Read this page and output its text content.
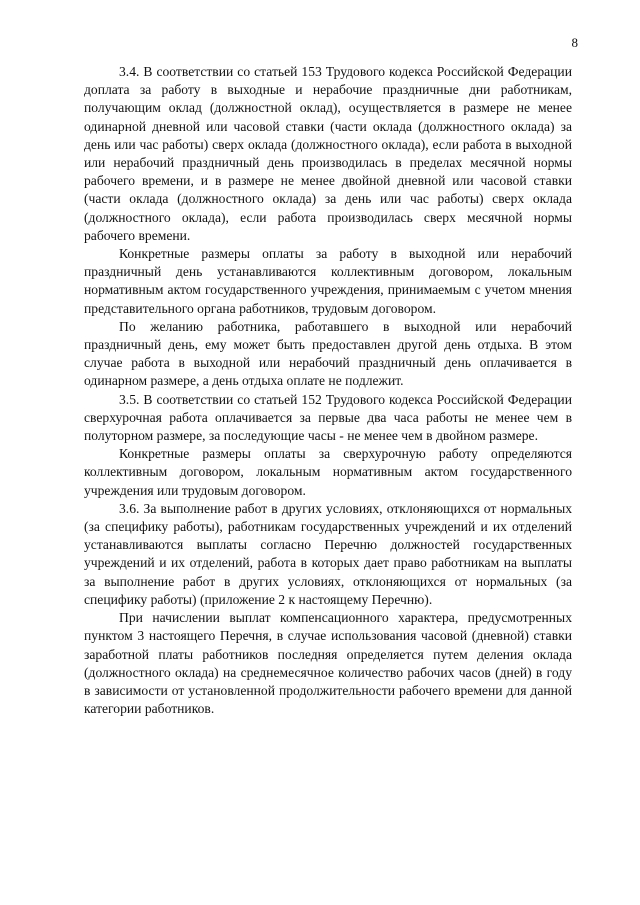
8

3.4. В соответствии со статьей 153 Трудового кодекса Российской Федерации доплата за работу в выходные и нерабочие праздничные дни работникам, получающим оклад (должностной оклад), осуществляется в размере не менее одинарной дневной или часовой ставки (части оклада (должностного оклада) за день или час работы) сверх оклада (должностного оклада), если работа в выходной или нерабочий праздничный день производилась в пределах месячной нормы рабочего времени, и в размере не менее двойной дневной или часовой ставки (части оклада (должностного оклада) за день или час работы) сверх оклада (должностного оклада), если работа производилась сверх месячной нормы рабочего времени.

Конкретные размеры оплаты за работу в выходной или нерабочий праздничный день устанавливаются коллективным договором, локальным нормативным актом государственного учреждения, принимаемым с учетом мнения представительного органа работников, трудовым договором.

По желанию работника, работавшего в выходной или нерабочий праздничный день, ему может быть предоставлен другой день отдыха. В этом случае работа в выходной или нерабочий праздничный день оплачивается в одинарном размере, а день отдыха оплате не подлежит.

3.5. В соответствии со статьей 152 Трудового кодекса Российской Федерации сверхурочная работа оплачивается за первые два часа работы не менее чем в полуторном размере, за последующие часы - не менее чем в двойном размере.

Конкретные размеры оплаты за сверхурочную работу определяются коллективным договором, локальным нормативным актом государственного учреждения или трудовым договором.

3.6. За выполнение работ в других условиях, отклоняющихся от нормальных (за специфику работы), работникам государственных учреждений и их отделений устанавливаются выплаты согласно Перечню должностей государственных учреждений и их отделений, работа в которых дает право работникам на выплаты за выполнение работ в других условиях, отклоняющихся от нормальных (за специфику работы) (приложение 2 к настоящему Перечню).

При начислении выплат компенсационного характера, предусмотренных пунктом 3 настоящего Перечня, в случае использования часовой (дневной) ставки заработной платы работников последняя определяется путем деления оклада (должностного оклада) на среднемесячное количество рабочих часов (дней) в году в зависимости от установленной продолжительности рабочего времени для данной категории работников.
